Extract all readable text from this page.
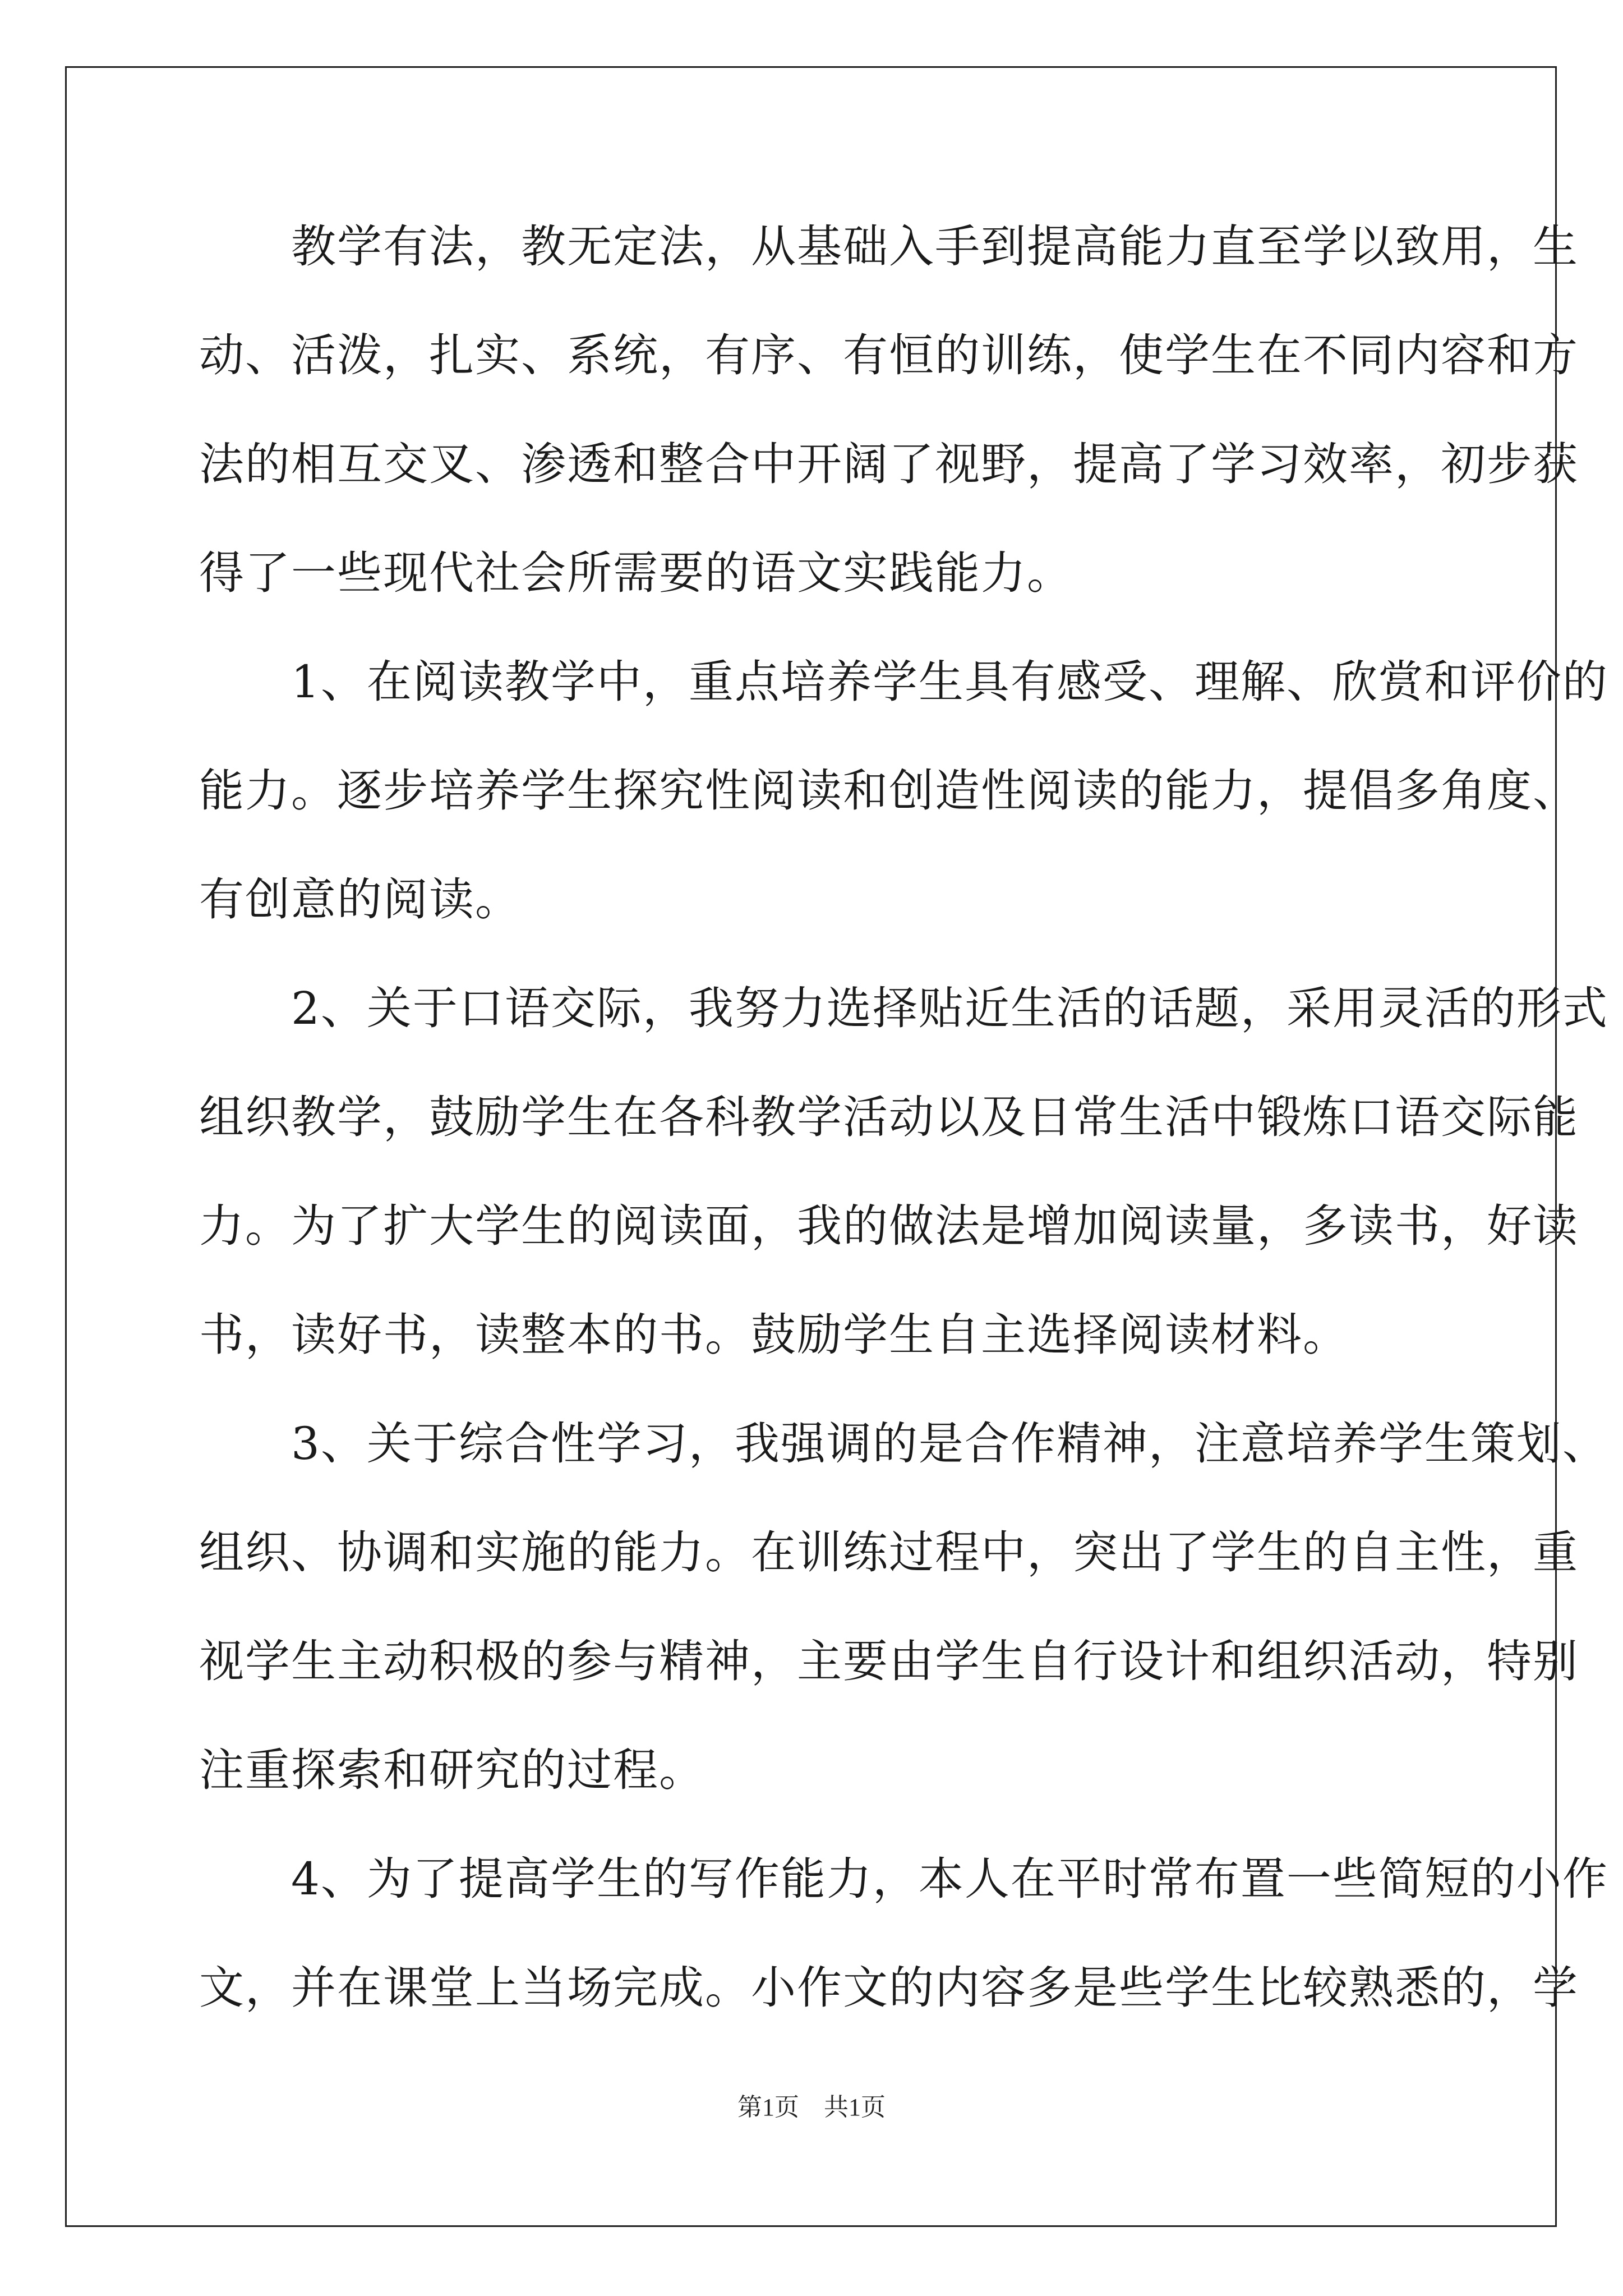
　　教学有法，教无定法，从基础入手到提高能力直至学以致用，生
动、活泼，扎实、系统，有序、有恒的训练，使学生在不同内容和方
法的相互交叉、渗透和整合中开阔了视野，提高了学习效率，初步获
得了一些现代社会所需要的语文实践能力。
　　1、在阅读教学中，重点培养学生具有感受、理解、欣赏和评价的
能力。逐步培养学生探究性阅读和创造性阅读的能力，提倡多角度、
有创意的阅读。
　　2、关于口语交际，我努力选择贴近生活的话题，采用灵活的形式
组织教学，鼓励学生在各科教学活动以及日常生活中锻炼口语交际能
力。为了扩大学生的阅读面，我的做法是增加阅读量，多读书，好读
书，读好书，读整本的书。鼓励学生自主选择阅读材料。
　　3、关于综合性学习，我强调的是合作精神，注意培养学生策划、
组织、协调和实施的能力。在训练过程中，突出了学生的自主性，重
视学生主动积极的参与精神，主要由学生自行设计和组织活动，特别
注重探索和研究的过程。
　　4、为了提高学生的写作能力，本人在平时常布置一些简短的小作
文，并在课堂上当场完成。小作文的内容多是些学生比较熟悉的，学
第1页　共1页
